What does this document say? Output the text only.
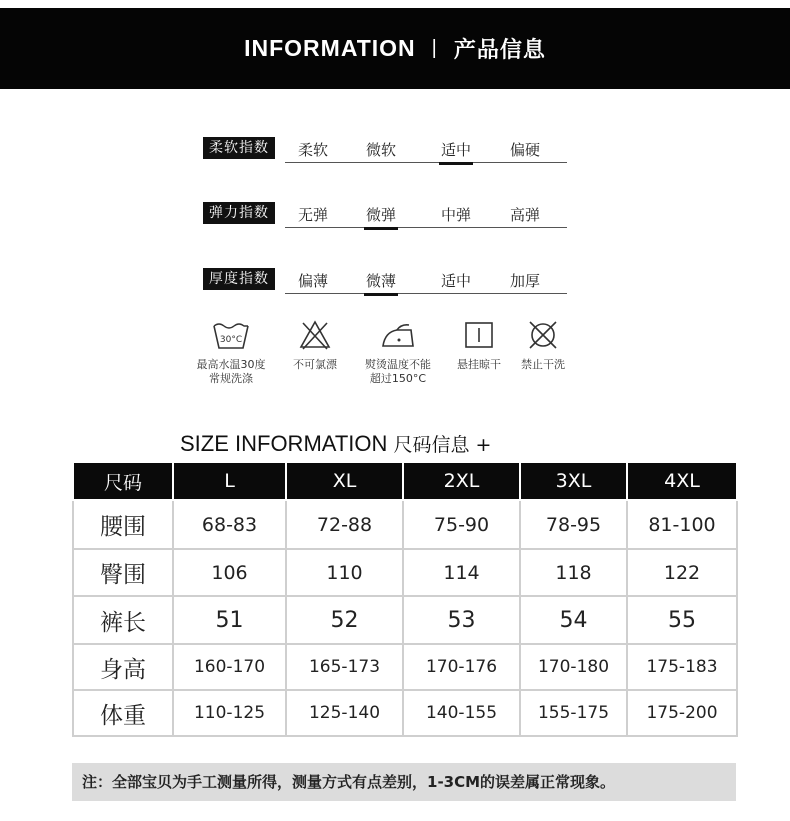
INFORMATION | 产品信息
柔软指数	柔软	微软	适中	偏硬
弹力指数	无弹	微弹	中弹	高弹
厚度指数	偏薄	微薄	适中	加厚
30°C
最高水温30度
常规洗涤
不可氯漂	熨烫温度不能
超过150°C
悬挂晾干	禁止干洗
SIZE INFORMATION 尺码信息 +
尺码	L	XL	2XL	3XL	4XL
腰围	68-83	72-88	75-90	78-95	81-100
臀围	106	110	114	118	122
裤长	51	52	53	54	55
身高	160-170	165-173	170-176	170-180	175-183
体重	110-125	125-140	140-155	155-175	175-200
注：全部宝贝为手工测量所得，测量方式有点差别，1-3CM的误差属正常现象。
